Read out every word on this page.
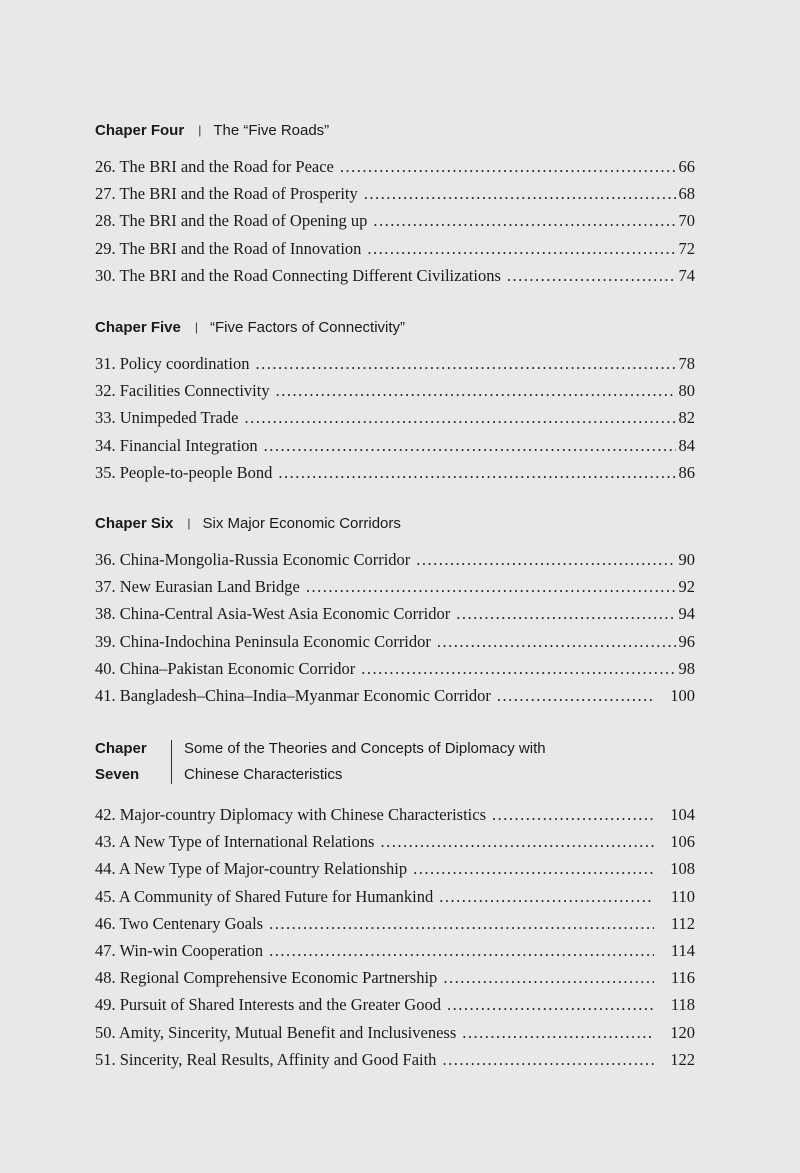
Chaper Four | The “Five Roads”
26. The BRI and the Road for Peace .....	66
27. The BRI and the Road of Prosperity .....	68
28. The BRI and the Road of Opening up .....	70
29. The BRI and the Road of Innovation .....	72
30. The BRI and the Road Connecting Different Civilizations .....	74
Chaper Five | “Five Factors of Connectivity”
31. Policy coordination .....	78
32. Facilities Connectivity .....	80
33. Unimpeded Trade .....	82
34. Financial Integration .....	84
35. People-to-people Bond .....	86
Chaper Six | Six Major Economic Corridors
36. China-Mongolia-Russia Economic Corridor .....	90
37. New Eurasian Land Bridge .....	92
38. China-Central Asia-West Asia Economic Corridor .....	94
39. China-Indochina Peninsula Economic Corridor .....	96
40. China–Pakistan Economic Corridor .....	98
41. Bangladesh–China–India–Myanmar Economic Corridor .....	100
Chaper
Seven
Some of the Theories and Concepts of Diplomacy with
Chinese Characteristics
42. Major-country Diplomacy with Chinese Characteristics .....	104
43. A New Type of International Relations .....	106
44. A New Type of Major-country Relationship .....	108
45. A Community of Shared Future for Humankind .....	110
46. Two Centenary Goals .....	112
47. Win-win Cooperation .....	114
48. Regional Comprehensive Economic Partnership .....	116
49. Pursuit of Shared Interests and the Greater Good .....	118
50. Amity, Sincerity, Mutual Benefit and Inclusiveness .....	120
51. Sincerity, Real Results, Affinity and Good Faith .....	122
